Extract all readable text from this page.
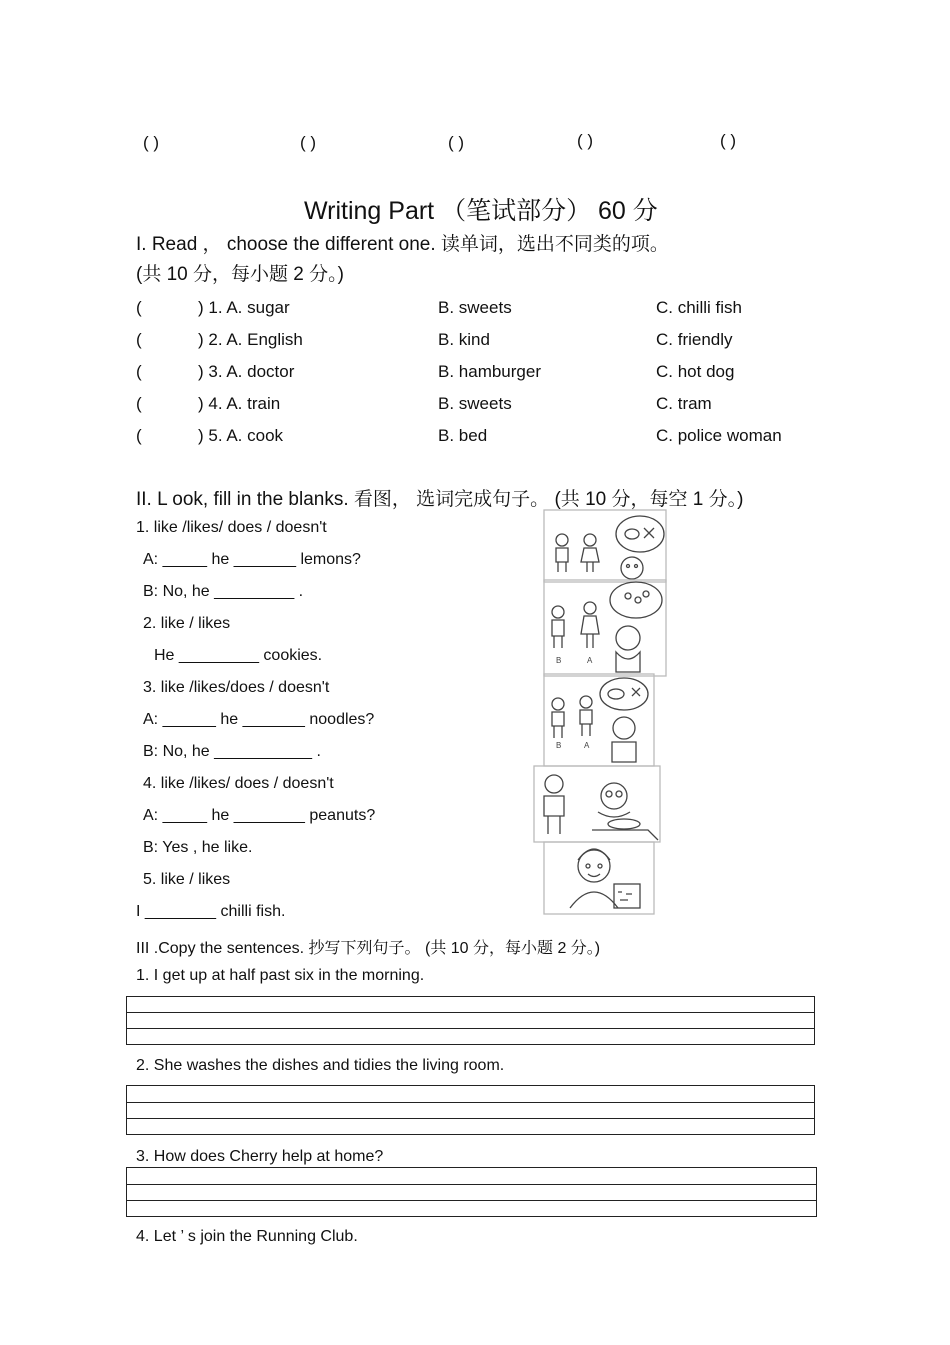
( )	( )	( )	( )	( )
Writing Part （笔试部分） 60 分
I. Read ， choose the different one. 读单词，选出不同类的项。
(共 10 分，每小题 2 分。)
(	) 1. A. sugar	B. sweets	C. chilli fish
(	) 2. A. English	B. kind	C. friendly
(	) 3. A. doctor	B. hamburger	C. hot dog
(	) 4. A. train	B. sweets	C. tram
(	) 5. A. cook	B. bed	C. police woman
II. L ook, fill in the blanks. 看图， 选词完成句子。 (共 10 分，每空 1 分。)
1. like /likes/ does / doesn't
A: _____ he _______ lemons?
B: No, he _________ .
2. like / likes
He _________ cookies.
3. like /likes/does / doesn't
A: ______ he _______ noodles?
B: No, he ___________ .
4. like /likes/ does / doesn't
A: _____ he ________ peanuts?
B: Yes , he like.
5. like / likes
I ________ chilli fish.
B	A
B	A
III .Copy the sentences. 抄写下列句子。 (共 10 分，每小题 2 分。)
1. I get up at half past six in the morning.
2. She washes the dishes and tidies the living room.
3. How does Cherry help at home?
4. Let ’ s join the Running Club.
